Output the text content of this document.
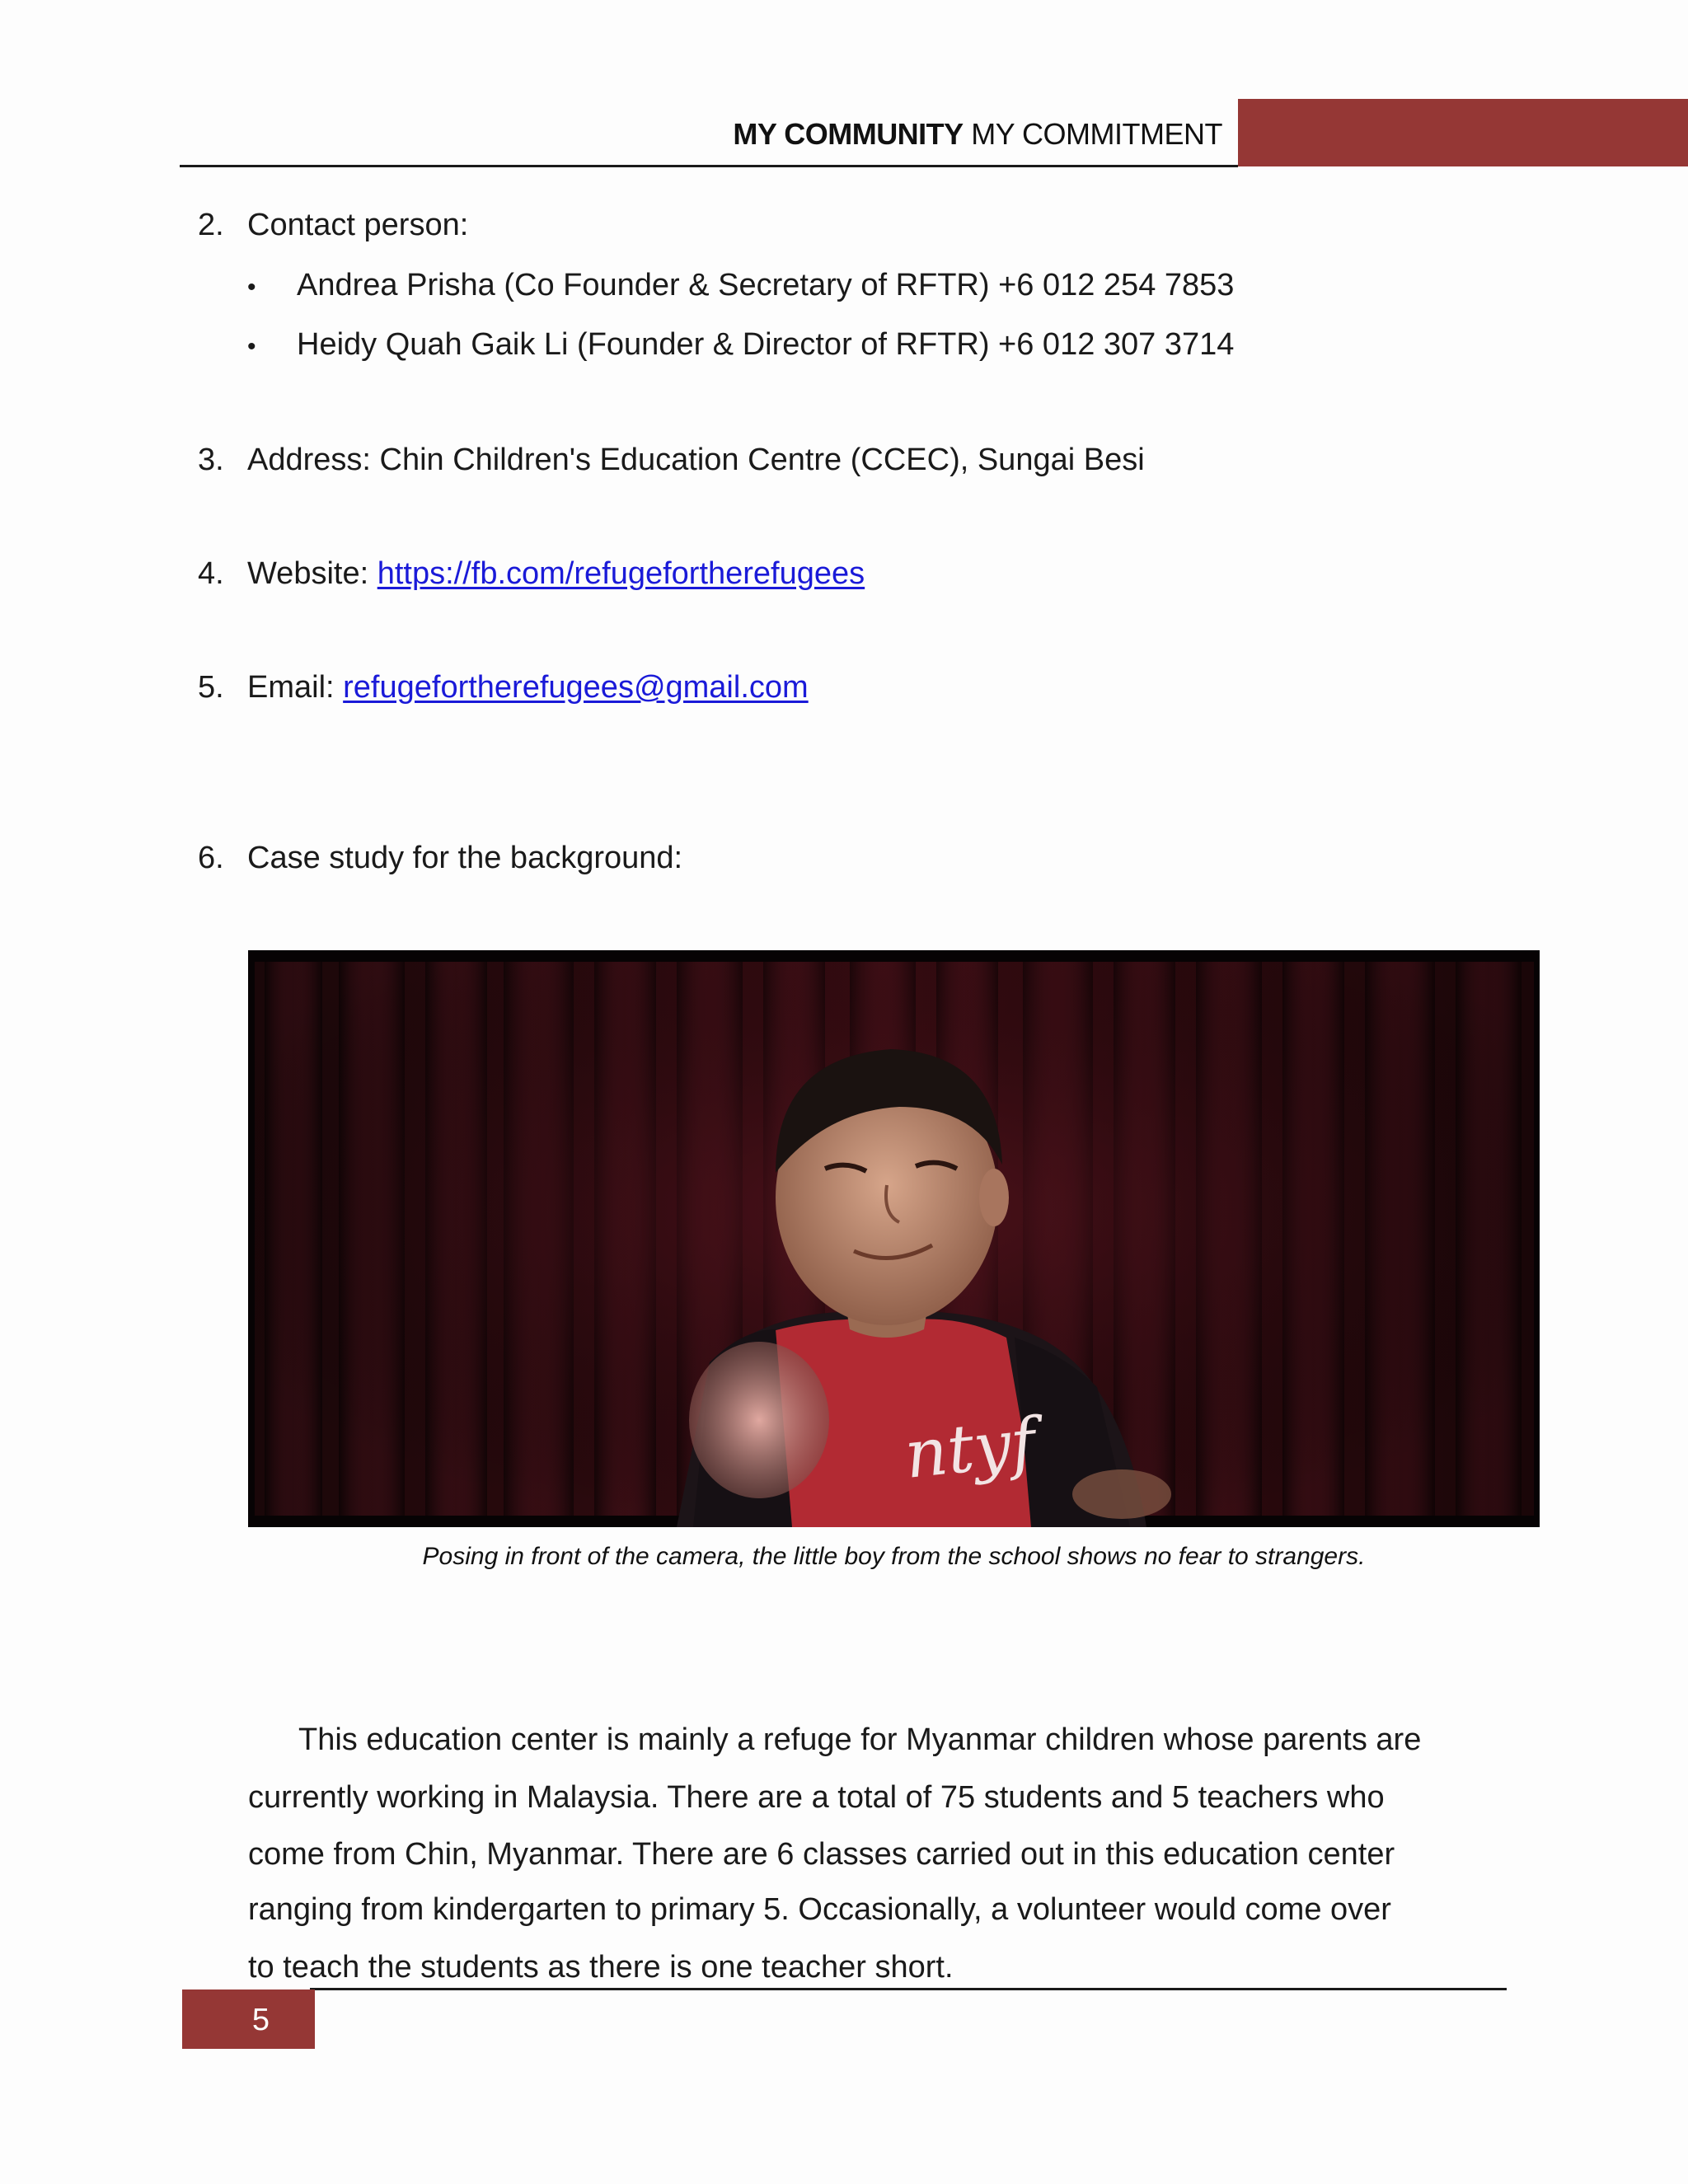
MY COMMUNITY MY COMMITMENT
2. Contact person:
• Andrea Prisha (Co Founder & Secretary of RFTR) +6 012 254 7853
• Heidy Quah Gaik Li (Founder & Director of RFTR) +6 012 307 3714
3. Address: Chin Children's Education Centre (CCEC), Sungai Besi
4. Website: https://fb.com/refugefortherefugees
5. Email: refugefortherefugees@gmail.com
6. Case study for the background:
ntyf
Posing in front of the camera, the little boy from the school shows no fear to strangers.
This education center is mainly a refuge for Myanmar children whose parents are
currently working in Malaysia. There are a total of 75 students and 5 teachers who
come from Chin, Myanmar. There are 6 classes carried out in this education center
ranging from kindergarten to primary 5. Occasionally, a volunteer would come over
to teach the students as there is one teacher short.
5
